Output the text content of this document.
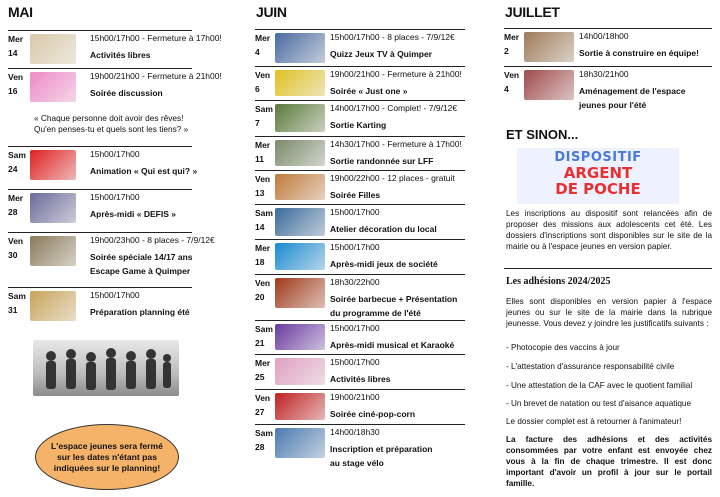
MAI
Mer
14
15h00/17h00 - Fermeture à 17h00!
Activités libres
Ven
16
19h00/21h00 - Fermeture à 21h00!
Soirée discussion
« Chaque personne doit avoir des rêves! Qu'en penses-tu et quels sont les tiens? »
Sam
24
15h00/17h00
Animation « Qui est qui? »
Mer
28
15h00/17h00
Après-midi « DEFIS »
Ven
30
19h00/23h00 - 8 places - 7/9/12€
Soirée spéciale 14/17 ans
Escape Game à Quimper
Sam
31
15h00/17h00
Préparation planning été
L'espace jeunes sera fermé sur les dates n'étant pas indiquées sur le planning!
JUIN
Mer
4
15h00/17h00 - 8 places - 7/9/12€
Quizz Jeux TV à Quimper
Ven
6
19h00/21h00 - Fermeture à 21h00!
Soirée « Just one »
Sam
7
14h00/17h00 - Complet! - 7/9/12€
Sortie Karting
Mer
11
14h30/17h00 - Fermeture à 17h00!
Sortie randonnée sur LFF
Ven
13
19h00/22h00 - 12 places - gratuit
Soirée Filles
Sam
14
15h00/17h00
Atelier décoration du local
Mer
18
15h00/17h00
Après-midi jeux de société
Ven
20
18h30/22h00
Soirée barbecue + Présentation
du programme de l'été
Sam
21
15h00/17h00
Après-midi musical et Karaoké
Mer
25
15h00/17h00
Activités libres
Ven
27
19h00/21h00
Soirée ciné-pop-corn
Sam
28
14h00/18h30
Inscription et préparation
au stage vélo
JUILLET
Mer
2
14h00/18h00
Sortie à construire en équipe!
Ven
4
18h30/21h00
Aménagement de l'espace
jeunes pour l'été
ET SINON...
DISPOSITIF
ARGENT
DE POCHE
Les inscriptions au dispositif sont relancées afin de proposer des missions aux adolescents cet été. Les dossiers d'inscriptions sont disponibles sur le site de la mairie ou à l'espace jeunes en version papier.
Les adhésions 2024/2025
Elles sont disponibles en version papier à l'espace jeunes ou sur le site de la mairie dans la rubrique jeunesse. Vous devez y joindre les justificatifs suivants :
- Photocopie des vaccins à jour
- L'attestation d'assurance responsabilité civile
- Une attestation de la CAF avec le quotient familial
- Un brevet de natation ou test d'aisance aquatique
Le dossier complet est à retourner à l'animateur!
La facture des adhésions et des activités consommées par votre enfant est envoyée chez vous à la fin de chaque trimestre. Il est donc important d'avoir un profil à jour sur le portail famille.
